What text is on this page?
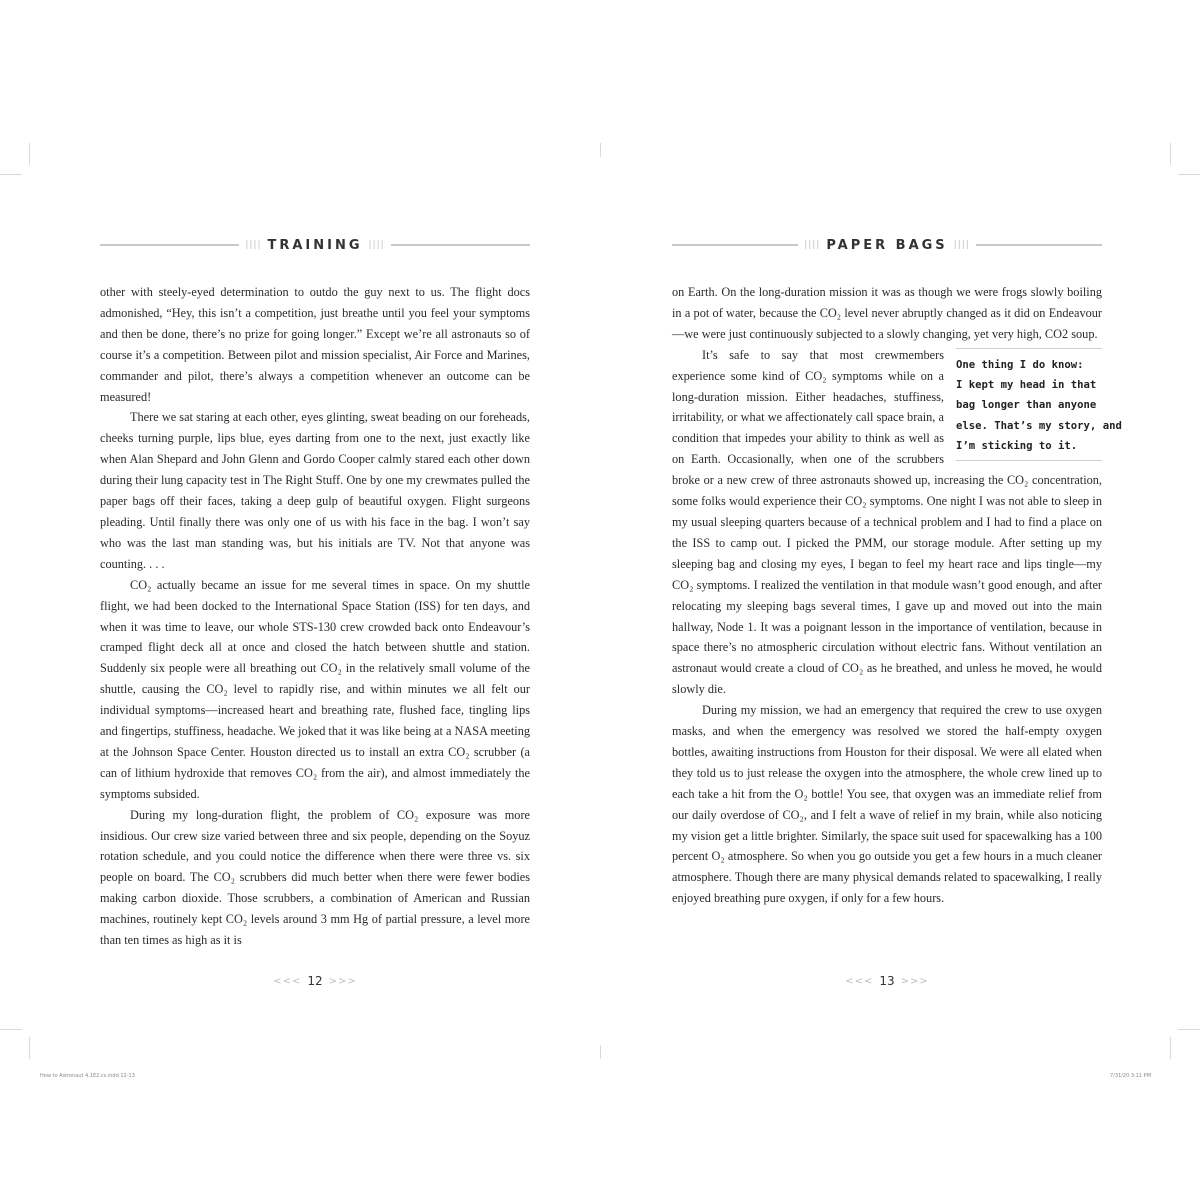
|||| TRAINING ||||

other with steely-eyed determination to outdo the guy next to us. The flight docs admonished, “Hey, this isn’t a competition, just breathe until you feel your symptoms and then be done, there’s no prize for going longer.” Except we’re all astronauts so of course it’s a competition. Between pilot and mission specialist, Air Force and Marines, commander and pilot, there’s always a competition whenever an outcome can be measured!

There we sat staring at each other, eyes glinting, sweat beading on our foreheads, cheeks turning purple, lips blue, eyes darting from one to the next, just exactly like when Alan Shepard and John Glenn and Gordo Cooper calmly stared each other down during their lung capacity test in The Right Stuff. One by one my crewmates pulled the paper bags off their faces, taking a deep gulp of beautiful oxygen. Flight surgeons pleading. Until finally there was only one of us with his face in the bag. I won’t say who was the last man standing was, but his initials are TV. Not that anyone was counting. . . .

CO₂ actually became an issue for me several times in space. On my shuttle flight, we had been docked to the International Space Station (ISS) for ten days, and when it was time to leave, our whole STS-130 crew crowded back onto Endeavour’s cramped flight deck all at once and closed the hatch between shuttle and station. Suddenly six people were all breathing out CO₂ in the relatively small volume of the shuttle, causing the CO₂ level to rapidly rise, and within minutes we all felt our individual symptoms—increased heart and breathing rate, flushed face, tingling lips and fingertips, stuffiness, headache. We joked that it was like being at a NASA meeting at the Johnson Space Center. Houston directed us to install an extra CO₂ scrubber (a can of lithium hydroxide that removes CO₂ from the air), and almost immediately the symptoms subsided.

During my long-duration flight, the problem of CO₂ exposure was more insidious. Our crew size varied between three and six people, depending on the Soyuz rotation schedule, and you could notice the difference when there were three vs. six people on board. The CO₂ scrubbers did much better when there were fewer bodies making carbon dioxide. Those scrubbers, a combination of American and Russian machines, routinely kept CO₂ levels around 3 mm Hg of partial pressure, a level more than ten times as high as it is

<<< 12 >>>
How to Astronaut 4.1E2.cs.indd 12-13
|||| PAPER BAGS ||||

on Earth. On the long-duration mission it was as though we were frogs slowly boiling in a pot of water, because the CO₂ level never abruptly changed as it did on Endeavour—we were just continuously subjected to a slowly changing, yet very high, CO2 soup.

One thing I do know:
I kept my head in that
bag longer than anyone
else. That’s my story, and
I’m sticking to it.
It’s safe to say that most crewmembers experience some kind of CO₂ symptoms while on a long-duration mission. Either headaches, stuffiness, irritability, or what we affectionately call space brain, a condition that impedes your ability to think as well as on Earth. Occasionally, when one of the scrubbers broke or a new crew of three astronauts showed up, increasing the CO₂ concentration, some folks would experience their CO₂ symptoms. One night I was not able to sleep in my usual sleeping quarters because of a technical problem and I had to find a place on the ISS to camp out. I picked the PMM, our storage module. After setting up my sleeping bag and closing my eyes, I began to feel my heart race and lips tingle—my CO₂ symptoms. I realized the ventilation in that module wasn’t good enough, and after relocating my sleeping bags several times, I gave up and moved out into the main hallway, Node 1. It was a poignant lesson in the importance of ventilation, because in space there’s no atmospheric circulation without electric fans. Without ventilation an astronaut would create a cloud of CO₂ as he breathed, and unless he moved, he would slowly die.

During my mission, we had an emergency that required the crew to use oxygen masks, and when the emergency was resolved we stored the half-empty oxygen bottles, awaiting instructions from Houston for their disposal. We were all elated when they told us to just release the oxygen into the atmosphere, the whole crew lined up to each take a hit from the O₂ bottle! You see, that oxygen was an immediate relief from our daily overdose of CO₂, and I felt a wave of relief in my brain, while also noticing my vision get a little brighter. Similarly, the space suit used for spacewalking has a 100 percent O₂ atmosphere. So when you go outside you get a few hours in a much cleaner atmosphere. Though there are many physical demands related to spacewalking, I really enjoyed breathing pure oxygen, if only for a few hours.

<<< 13 >>>
7/31/20 3:11 PM
